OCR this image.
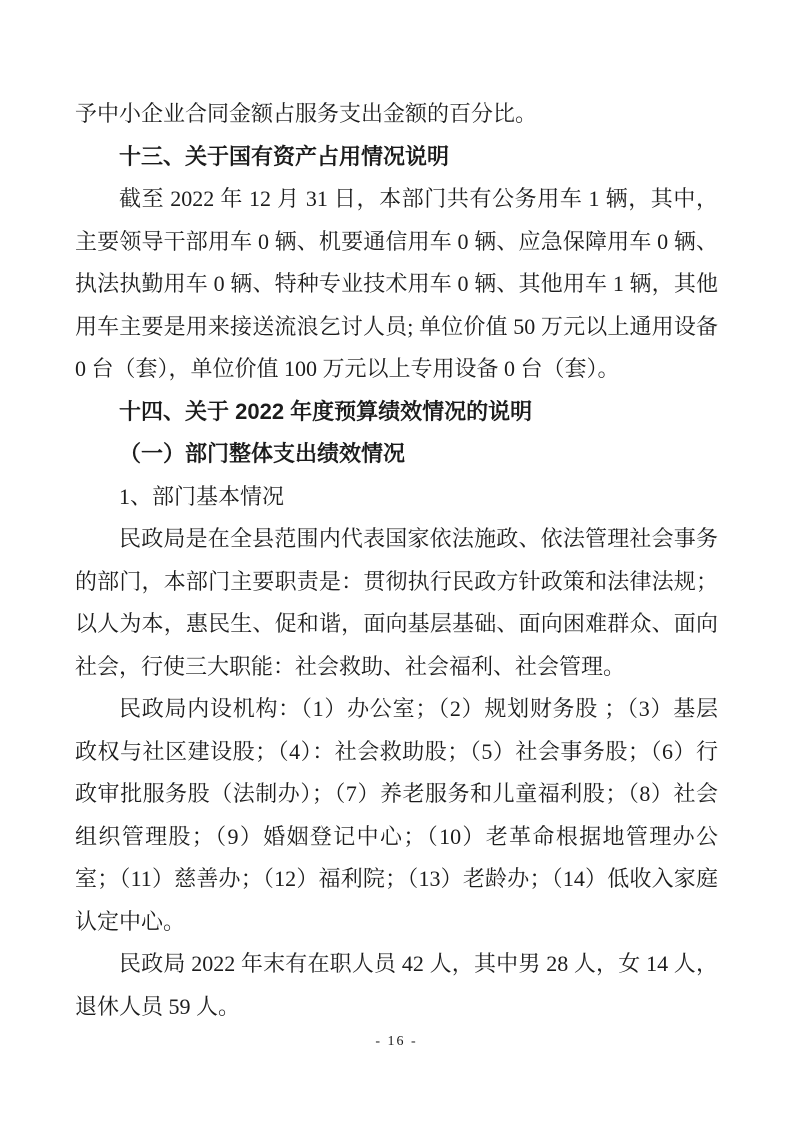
予中小企业合同金额占服务支出金额的百分比。

十三、关于国有资产占用情况说明

截至 2022 年 12 月 31 日，本部门共有公务用车 1 辆，其中，主要领导干部用车 0 辆、机要通信用车 0 辆、应急保障用车 0 辆、执法执勤用车 0 辆、特种专业技术用车 0 辆、其他用车 1 辆，其他用车主要是用来接送流浪乞讨人员; 单位价值 50 万元以上通用设备 0 台（套），单位价值 100 万元以上专用设备 0 台（套）。

十四、关于 2022 年度预算绩效情况的说明
（一）部门整体支出绩效情况

1、部门基本情况

民政局是在全县范围内代表国家依法施政、依法管理社会事务的部门，本部门主要职责是：贯彻执行民政方针政策和法律法规；以人为本，惠民生、促和谐，面向基层基础、面向困难群众、面向社会，行使三大职能：社会救助、社会福利、社会管理。

民政局内设机构：（1）办公室；（2）规划财务股 ；（3）基层政权与社区建设股；（4）：社会救助股；（5）社会事务股；（6）行政审批服务股（法制办）；（7）养老服务和儿童福利股；（8）社会组织管理股；（9）婚姻登记中心；（10）老革命根据地管理办公室；（11）慈善办；（12）福利院；（13）老龄办；（14）低收入家庭认定中心。

民政局 2022 年末有在职人员 42 人，其中男 28 人，女 14 人，退休人员 59 人。

- 16 -
